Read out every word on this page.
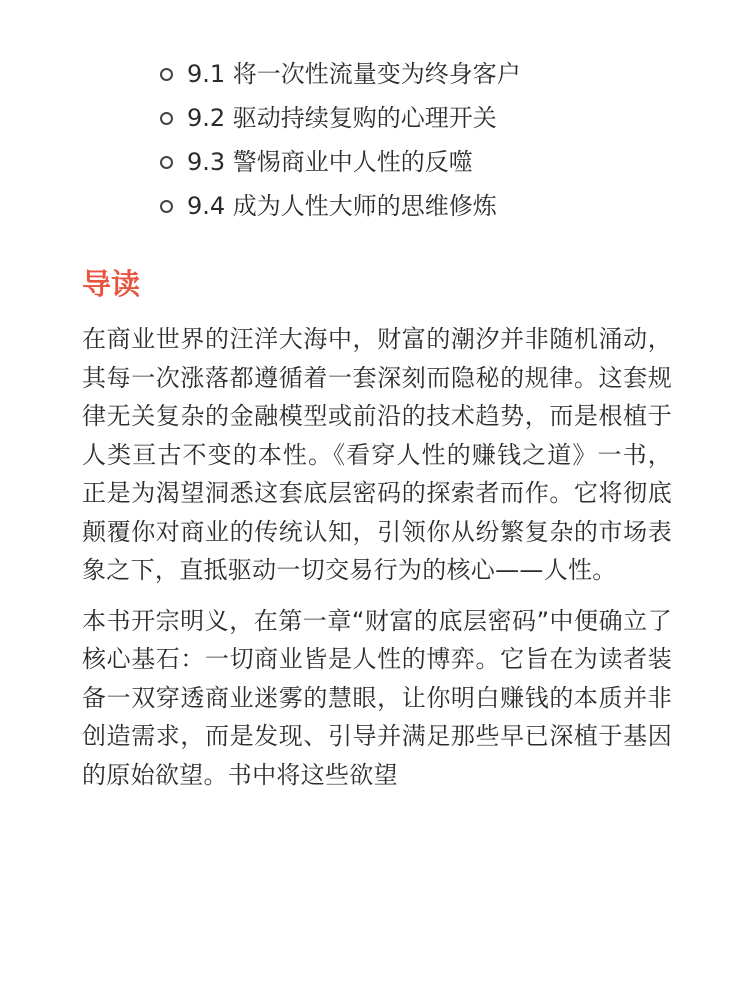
9.1 将一次性流量变为终身客户
9.2 驱动持续复购的心理开关
9.3 警惕商业中人性的反噬
9.4 成为人性大师的思维修炼
导读

在商业世界的汪洋大海中，财富的潮汐并非随机涌动，其每一次涨落都遵循着一套深刻而隐秘的规律。这套规律无关复杂的金融模型或前沿的技术趋势，而是根植于人类亘古不变的本性。《看穿人性的赚钱之道》一书，正是为渴望洞悉这套底层密码的探索者而作。它将彻底颠覆你对商业的传统认知，引领你从纷繁复杂的市场表象之下，直抵驱动一切交易行为的核心——人性。

本书开宗明义，在第一章“财富的底层密码”中便确立了核心基石：一切商业皆是人性的博弈。它旨在为读者装备一双穿透商业迷雾的慧眼，让你明白赚钱的本质并非创造需求，而是发现、引导并满足那些早已深植于基因的原始欲望。书中将这些欲望
